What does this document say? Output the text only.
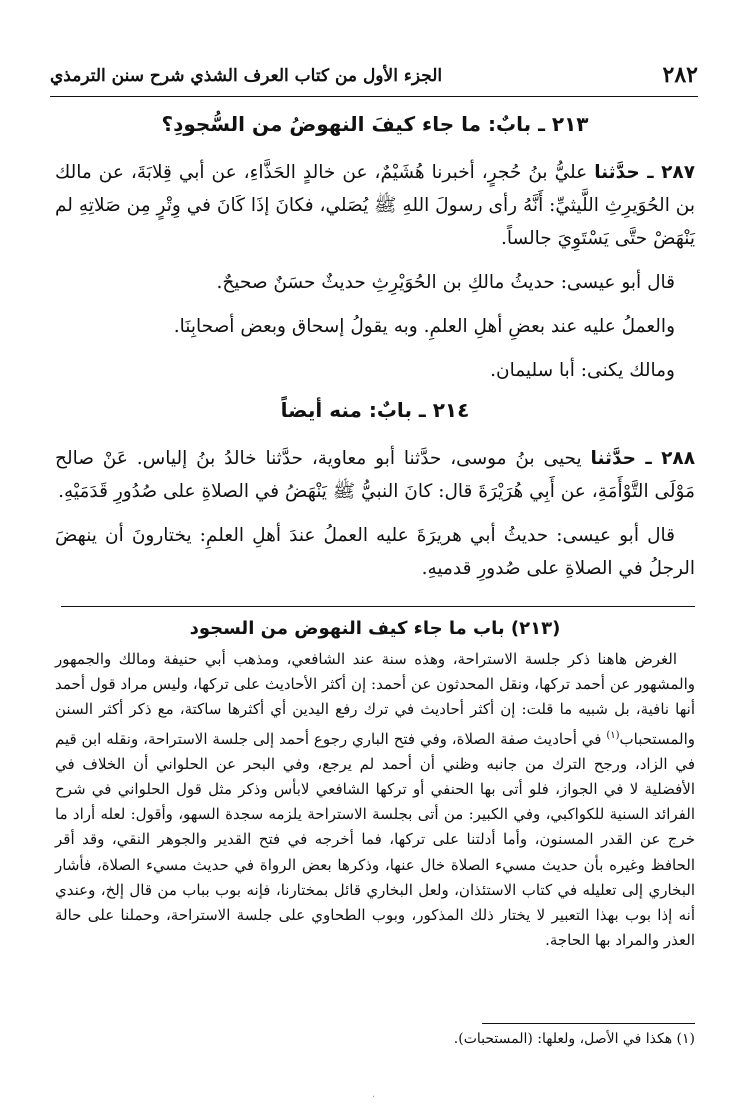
٢٨٢
الجزء الأول من كتاب العرف الشذي شرح سنن الترمذي
٢١٣ ـ بابٌ: ما جاء كيفَ النهوضُ من السُّجودِ؟

٢٨٧ ـ حدَّثنا عليُّ بنُ حُجرٍ، أخبرنا هُشَيْمٌ، عن خالدٍ الحَذَّاءِ، عن أبي قِلابَةَ، عن مالك بن الحُوَيرِثِ اللَّيثيِّ: أَنَّهُ رأى رسولَ اللهِ ﷺ يُصَلي، فكانَ إذَا كَانَ في وِتْرٍ مِن صَلاتِهِ لم يَنْهَضْ حتَّى يَسْتَوِيَ جالساً.

قال أبو عيسى: حديثُ مالكِ بن الحُوَيْرِثِ حديثٌ حسَنٌ صحيحٌ.

والعملُ عليه عند بعضِ أهلِ العلمِ. وبه يقولُ إسحاق وبعض أصحابِنَا.

ومالك يكنى: أبا سليمان.

٢١٤ ـ بابٌ: منه أيضاً

٢٨٨ ـ حدَّثنا يحيى بنُ موسى، حدَّثنا أبو معاوية، حدَّثنا خالدُ بنُ إلياس. عَنْ صالح مَوْلَى التَّوْأَمَةِ، عن أَبِي هُرَيْرَةَ قال: كانَ النبيُّ ﷺ يَنْهَضُ في الصلاةِ على صُدُورِ قَدَمَيْهِ.

قال أبو عيسى: حديثُ أبي هريرَةَ عليه العملُ عندَ أهلِ العلمِ: يختارونَ أن ينهضَ الرجلُ في الصلاةِ على صُدورِ قدميهِ.

(٢١٣) باب ما جاء كيف النهوض من السجود

الغرض هاهنا ذكر جلسة الاستراحة، وهذه سنة عند الشافعي، ومذهب أبي حنيفة ومالك والجمهور والمشهور عن أحمد تركها، ونقل المحدثون عن أحمد: إن أكثر الأحاديث على تركها، وليس مراد قول أحمد أنها نافية، بل شبيه ما قلت: إن أكثر أحاديث في ترك رفع اليدين أي أكثرها ساكتة، مع ذكر أكثر السنن والمستحباب$^{(١)}$ في أحاديث صفة الصلاة، وفي فتح الباري رجوع أحمد إلى جلسة الاستراحة، ونقله ابن قيم في الزاد، ورجح الترك من جانبه وظني أن أحمد لم يرجع، وفي البحر عن الحلواني أن الخلاف في الأفضلية لا في الجواز، فلو أتى بها الحنفي أو تركها الشافعي لابأس وذكر مثل قول الحلواني في شرح الفرائد السنية للكواكبي، وفي الكبير: من أتى بجلسة الاستراحة يلزمه سجدة السهو، وأقول: لعله أراد ما خرج عن القدر المسنون، وأما أدلتنا على تركها، فما أخرجه في فتح القدير والجوهر النقي، وقد أقر الحافظ وغيره بأن حديث مسيء الصلاة خال عنها، وذكرها بعض الرواة في حديث مسيء الصلاة، فأشار البخاري إلى تعليله في كتاب الاستئذان، ولعل البخاري قائل بمختارنا، فإنه بوب بباب من قال إلخ، وعندي أنه إذا بوب بهذا التعبير لا يختار ذلك المذكور، وبوب الطحاوي على جلسة الاستراحة، وحملنا على حالة العذر والمراد بها الحاجة.

(١) هكذا في الأصل، ولعلها: (المستحبات).
·
